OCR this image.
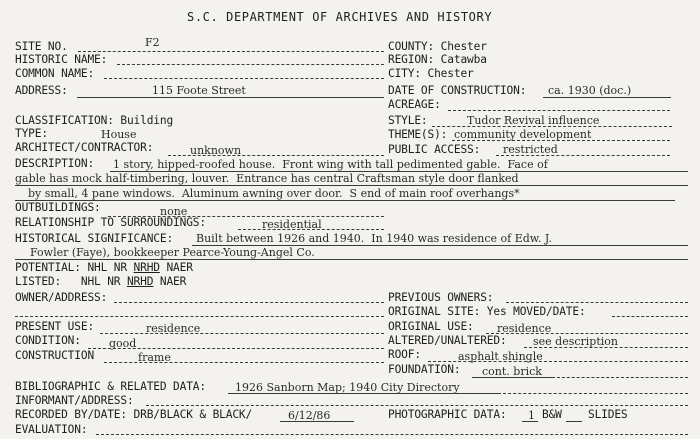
S.C. DEPARTMENT OF ARCHIVES AND HISTORY
SITE NO.	F2	COUNTY: Chester
HISTORIC NAME:	REGION: Catawba
COMMON NAME:	CITY: Chester
ADDRESS:	115 Foote Street	DATE OF CONSTRUCTION: ca. 1930 (doc.)
ACREAGE:
CLASSIFICATION: Building	STYLE:	Tudor Revival influence
TYPE:	House	THEME(S): community development
ARCHITECT/CONTRACTOR:	unknown	PUBLIC ACCESS: restricted
DESCRIPTION: 1 story, hipped-roofed house.  Front wing with tall pedimented gable.  Face of
gable has mock half-timbering, louver.  Entrance has central Craftsman style door flanked
by small, 4 pane windows.  Aluminum awning over door.  S end of main roof overhangs*
OUTBUILDINGS:	none
RELATIONSHIP TO SURROUNDINGS:	residential
HISTORICAL SIGNIFICANCE: Built between 1926 and 1940.  In 1940 was residence of Edw. J.
Fowler (Faye), bookkeeper Pearce-Young-Angel Co.
POTENTIAL: NHL NR NRHD NAER
LISTED:   NHL NR NRHD NAER
OWNER/ADDRESS:	PREVIOUS OWNERS:
ORIGINAL SITE: Yes MOVED/DATE:
PRESENT USE:	residence	ORIGINAL USE: residence
CONDITION:	good	ALTERED/UNALTERED: see description
CONSTRUCTION	frame	ROOF:	asphalt shingle
FOUNDATION: cont. brick
BIBLIOGRAPHIC & RELATED DATA:	1926 Sanborn Map; 1940 City Directory
INFORMANT/ADDRESS:
RECORDED BY/DATE: DRB/BLACK & BLACK/	6/12/86	PHOTOGRAPHIC DATA: 1 B&W SLIDES
EVALUATION:
